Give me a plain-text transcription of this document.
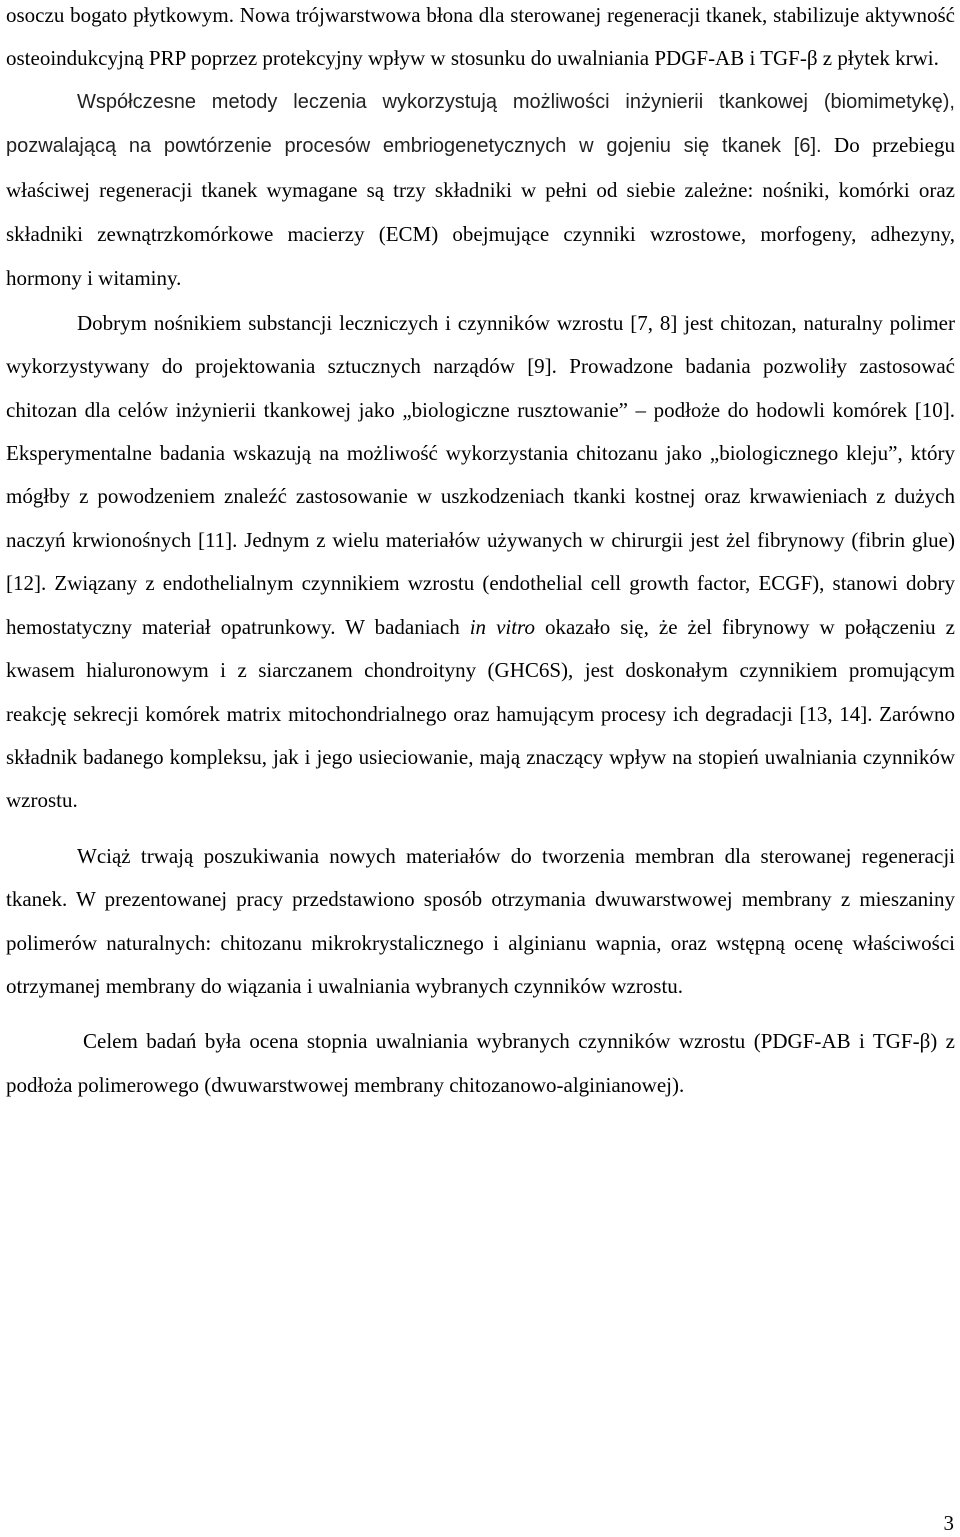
osoczu bogato płytkowym. Nowa trójwarstwowa błona dla sterowanej regeneracji tkanek, stabilizuje aktywność osteoindukcyjną PRP poprzez protekcyjny wpływ w stosunku do uwalniania PDGF-AB i TGF-β z płytek krwi.

Współczesne metody leczenia wykorzystują możliwości inżynierii tkankowej (biomimetykę), pozwalającą na powtórzenie procesów embriogenetycznych w gojeniu się tkanek [6]. Do przebiegu właściwej regeneracji tkanek wymagane są trzy składniki w pełni od siebie zależne: nośniki, komórki oraz składniki zewnątrzkomórkowe macierzy (ECM) obejmujące czynniki wzrostowe, morfogeny, adhezyny, hormony i witaminy.

Dobrym nośnikiem substancji leczniczych i czynników wzrostu [7, 8] jest chitozan, naturalny polimer wykorzystywany do projektowania sztucznych narządów [9]. Prowadzone badania pozwoliły zastosować chitozan dla celów inżynierii tkankowej jako „biologiczne rusztowanie” – podłoże do hodowli komórek [10]. Eksperymentalne badania wskazują na możliwość wykorzystania chitozanu jako „biologicznego kleju”, który mógłby z powodzeniem znaleźć zastosowanie w uszkodzeniach tkanki kostnej oraz krwawieniach z dużych naczyń krwionośnych [11]. Jednym z wielu materiałów używanych w chirurgii jest żel fibrynowy (fibrin glue) [12]. Związany z endothelialnym czynnikiem wzrostu (endothelial cell growth factor, ECGF), stanowi dobry hemostatyczny materiał opatrunkowy. W badaniach in vitro okazało się, że żel fibrynowy w połączeniu z kwasem hialuronowym i z siarczanem chondroityny (GHC6S), jest doskonałym czynnikiem promującym reakcję sekrecji komórek matrix mitochondrialnego oraz hamującym procesy ich degradacji [13, 14]. Zarówno składnik badanego kompleksu, jak i jego usieciowanie, mają znaczący wpływ na stopień uwalniania czynników wzrostu.

Wciąż trwają poszukiwania nowych materiałów do tworzenia membran dla sterowanej regeneracji tkanek. W prezentowanej pracy przedstawiono sposób otrzymania dwuwarstwowej membrany z mieszaniny polimerów naturalnych: chitozanu mikrokrystalicznego i alginianu wapnia, oraz wstępną ocenę właściwości otrzymanej membrany do wiązania i uwalniania wybranych czynników wzrostu.

Celem badań była ocena stopnia uwalniania wybranych czynników wzrostu (PDGF-AB i TGF-β) z podłoża polimerowego (dwuwarstwowej membrany chitozanowo-alginianowej).

3
